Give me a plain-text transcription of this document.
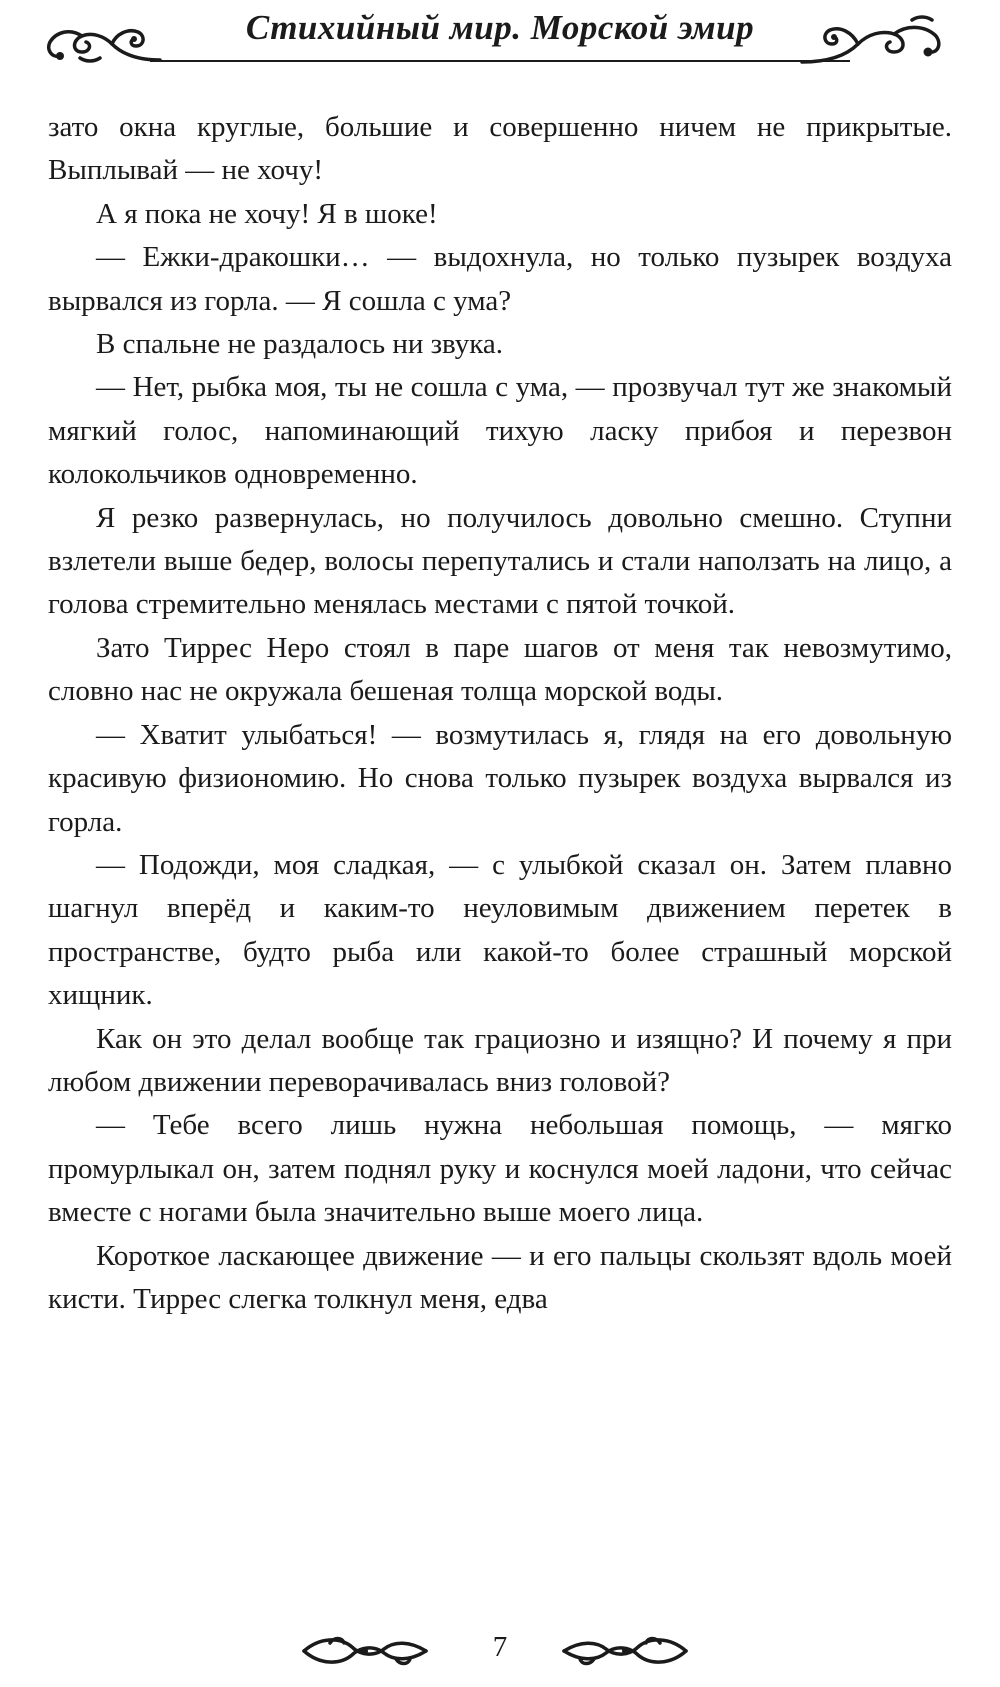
Стихийный мир. Морской эмир

зато окна круглые, большие и совершенно ничем не прикрытые. Выплывай — не хочу!

А я пока не хочу! Я в шоке!

— Ежки-дракошки… — выдохнула, но только пузырек воздуха вырвался из горла. — Я сошла с ума?

В спальне не раздалось ни звука.

— Нет, рыбка моя, ты не сошла с ума, — прозвучал тут же знакомый мягкий голос, напоминающий тихую ласку прибоя и перезвон колокольчиков одновременно.

Я резко развернулась, но получилось довольно смешно. Ступни взлетели выше бедер, волосы перепутались и стали наползать на лицо, а голова стремительно менялась местами с пятой точкой.

Зато Тиррес Неро стоял в паре шагов от меня так невозмутимо, словно нас не окружала бешеная толща морской воды.

— Хватит улыбаться! — возмутилась я, глядя на его довольную красивую физиономию. Но снова только пузырек воздуха вырвался из горла.

— Подожди, моя сладкая, — с улыбкой сказал он. Затем плавно шагнул вперёд и каким-то неуловимым движением перетек в пространстве, будто рыба или какой-то более страшный морской хищник.

Как он это делал вообще так грациозно и изящно? И почему я при любом движении переворачивалась вниз головой?

— Тебе всего лишь нужна небольшая помощь, — мягко промурлыкал он, затем поднял руку и коснулся моей ладони, что сейчас вместе с ногами была значительно выше моего лица.

Короткое ласкающее движение — и его пальцы скользят вдоль моей кисти. Тиррес слегка толкнул меня, едва

7
